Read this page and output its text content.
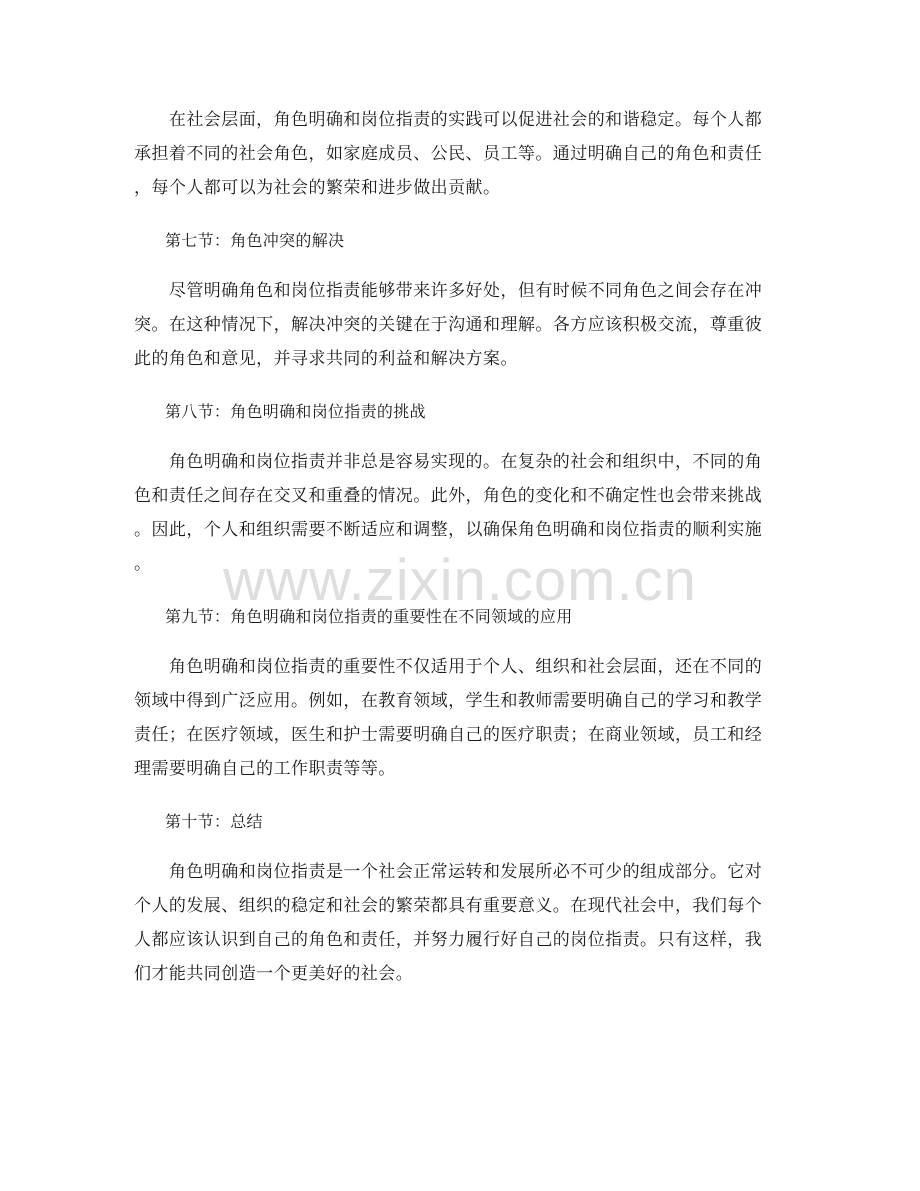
　　在社会层面，角色明确和岗位指责的实践可以促进社会的和谐稳定。每个人都
承担着不同的社会角色，如家庭成员、公民、员工等。通过明确自己的角色和责任
，每个人都可以为社会的繁荣和进步做出贡献。

第七节：角色冲突的解决

　　尽管明确角色和岗位指责能够带来许多好处，但有时候不同角色之间会存在冲
突。在这种情况下，解决冲突的关键在于沟通和理解。各方应该积极交流，尊重彼
此的角色和意见，并寻求共同的利益和解决方案。

第八节：角色明确和岗位指责的挑战

　　角色明确和岗位指责并非总是容易实现的。在复杂的社会和组织中，不同的角
色和责任之间存在交叉和重叠的情况。此外，角色的变化和不确定性也会带来挑战
。因此，个人和组织需要不断适应和调整，以确保角色明确和岗位指责的顺利实施
。	www.zixin.com.cn

第九节：角色明确和岗位指责的重要性在不同领域的应用

　　角色明确和岗位指责的重要性不仅适用于个人、组织和社会层面，还在不同的
领域中得到广泛应用。例如，在教育领域，学生和教师需要明确自己的学习和教学
责任；在医疗领域，医生和护士需要明确自己的医疗职责；在商业领域，员工和经
理需要明确自己的工作职责等等。

第十节：总结

　　角色明确和岗位指责是一个社会正常运转和发展所必不可少的组成部分。它对
个人的发展、组织的稳定和社会的繁荣都具有重要意义。在现代社会中，我们每个
人都应该认识到自己的角色和责任，并努力履行好自己的岗位指责。只有这样，我
们才能共同创造一个更美好的社会。
